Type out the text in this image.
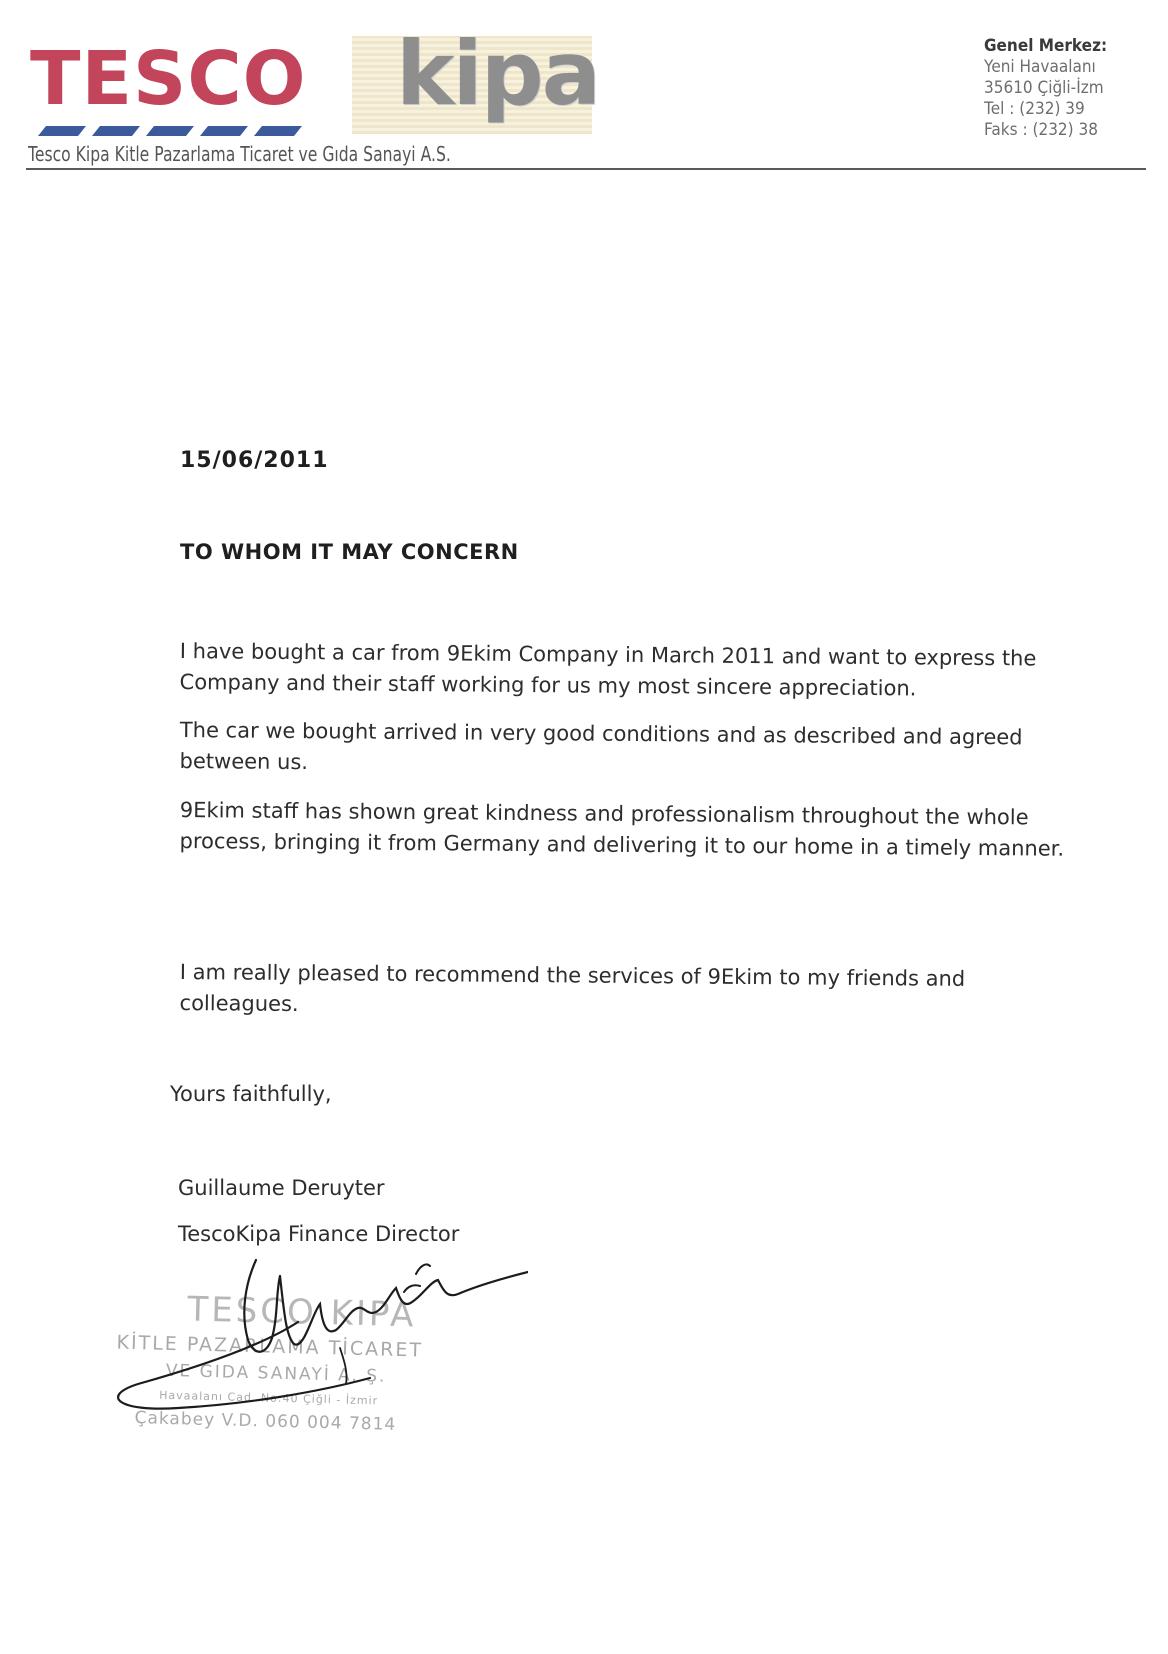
TESCO kipa
Tesco Kipa Kitle Pazarlama Ticaret ve Gıda Sanayi A.S.
Genel Merkez:
Yeni Havaalanı
35610 Çiğli-İzm
Tel : (232) 39
Faks : (232) 38
15/06/2011
TO WHOM IT MAY CONCERN
I have bought a car from 9Ekim Company in March 2011 and want to express the Company and their staff working for us my most sincere appreciation.
The car we bought arrived in very good conditions and as described and agreed between us.
9Ekim staff has shown great kindness and professionalism throughout the whole process, bringing it from Germany and delivering it to our home in a timely manner.
I am really pleased to recommend the services of 9Ekim to my friends and colleagues.
Yours faithfully,
Guillaume Deruyter
TescoKipa Finance Director
TESCO KIPA
KİTLE PAZARLAMA TİCARET
VE GIDA SANAYİ A. Ş.
Havaalanı Cad. No:40 Çiğli - İzmir
Çakabey V.D. 060 004 7814
